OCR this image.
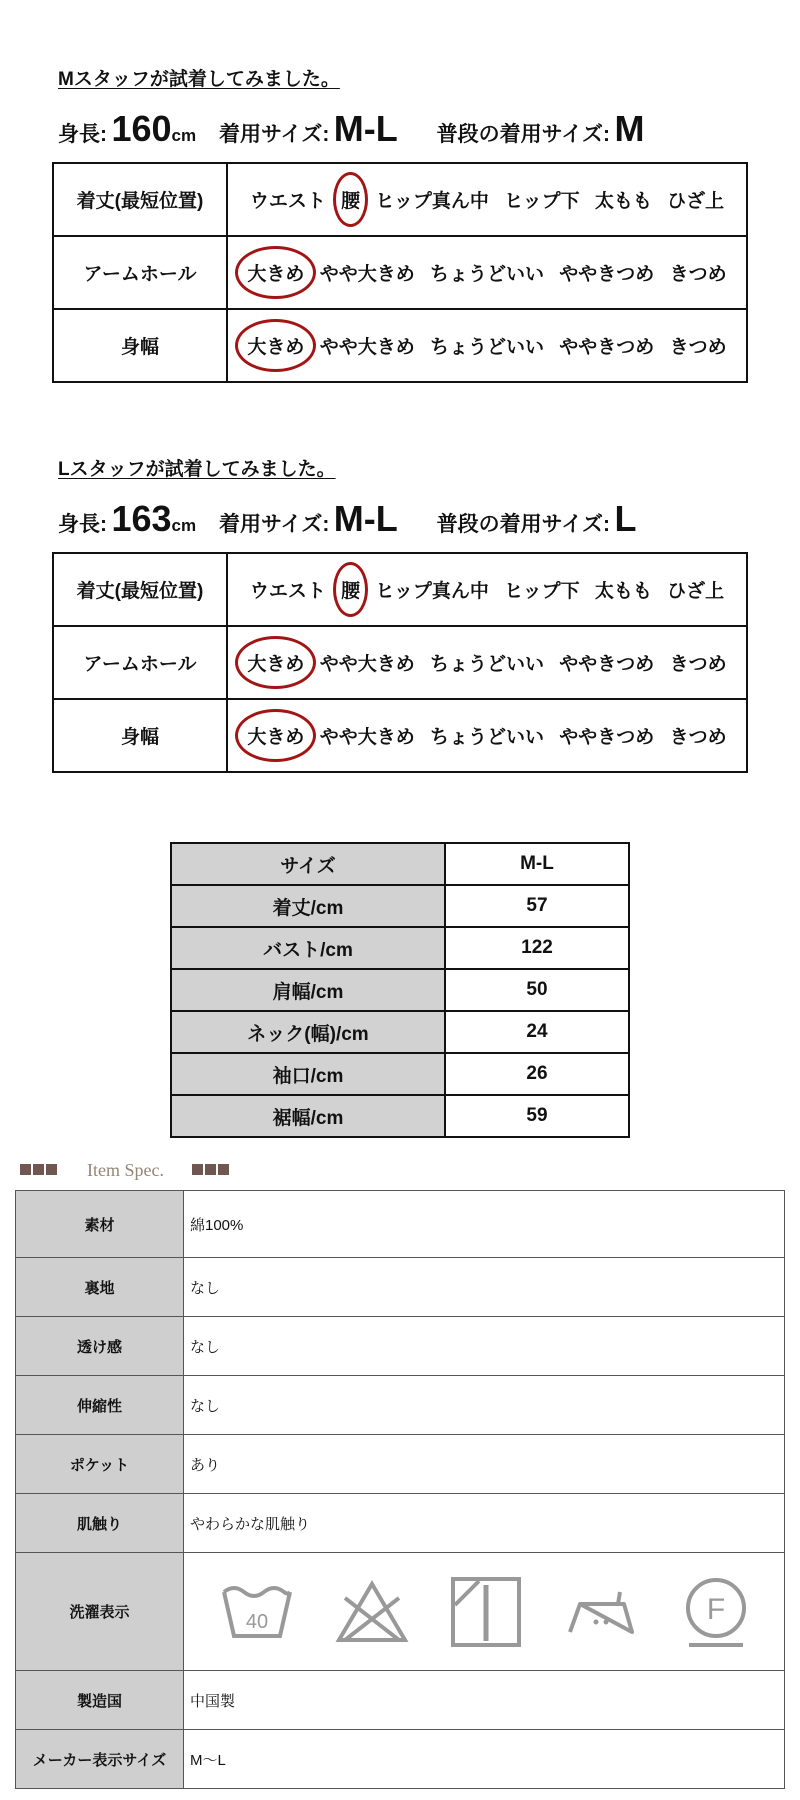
Mスタッフが試着してみました。
身長: 160cm 着用サイズ: M-L 普段の着用サイズ: M
着丈(最短位置)	ウエスト 腰 ヒップ真ん中 ヒップ下 太もも ひざ上
アームホール	大きめ やや大きめ ちょうどいい ややきつめ きつめ
身幅	大きめ やや大きめ ちょうどいい ややきつめ きつめ
Lスタッフが試着してみました。
身長: 163cm 着用サイズ: M-L 普段の着用サイズ: L
着丈(最短位置)	ウエスト 腰 ヒップ真ん中 ヒップ下 太もも ひざ上
アームホール	大きめ やや大きめ ちょうどいい ややきつめ きつめ
身幅	大きめ やや大きめ ちょうどいい ややきつめ きつめ
サイズ	M-L
着丈/cm	57
バスト/cm	122
肩幅/cm	50
ネック(幅)/cm	24
袖口/cm	26
裾幅/cm	59
Item Spec.
素材	綿100%
裏地	なし
透け感	なし
伸縮性	なし
ポケット	あり
肌触り	やわらかな肌触り
洗濯表示	40 F

製造国	中国製
メーカー表示サイズ	M〜L
